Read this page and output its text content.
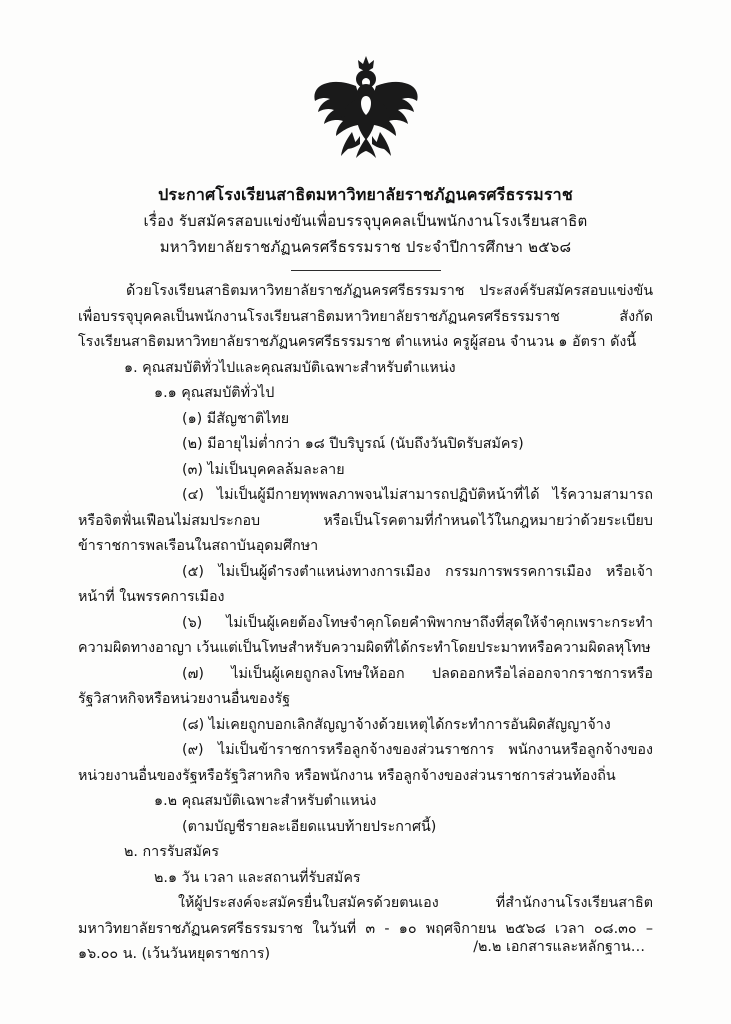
ประกาศโรงเรียนสาธิตมหาวิทยาลัยราชภัฏนครศรีธรรมราช
เรื่อง รับสมัครสอบแข่งขันเพื่อบรรจุบุคคลเป็นพนักงานโรงเรียนสาธิต
มหาวิทยาลัยราชภัฏนครศรีธรรมราช ประจำปีการศึกษา ๒๕๖๘

ด้วยโรงเรียนสาธิตมหาวิทยาลัยราชภัฏนครศรีธรรมราช ประสงค์รับสมัครสอบแข่งขันเพื่อบรรจุบุคคลเป็นพนักงานโรงเรียนสาธิตมหาวิทยาลัยราชภัฏนครศรีธรรมราช สังกัด โรงเรียนสาธิตมหาวิทยาลัยราชภัฏนครศรีธรรมราช ตำแหน่ง ครูผู้สอน จำนวน ๑ อัตรา ดังนี้

๑. คุณสมบัติทั่วไปและคุณสมบัติเฉพาะสำหรับตำแหน่ง

๑.๑ คุณสมบัติทั่วไป

(๑) มีสัญชาติไทย

(๒) มีอายุไม่ต่ำกว่า ๑๘ ปีบริบูรณ์ (นับถึงวันปิดรับสมัคร)

(๓) ไม่เป็นบุคคลล้มละลาย

(๔) ไม่เป็นผู้มีกายทุพพลภาพจนไม่สามารถปฏิบัติหน้าที่ได้ ไร้ความสามารถ หรือจิตฟั่นเฟือนไม่สมประกอบ หรือเป็นโรคตามที่กำหนดไว้ในกฎหมายว่าด้วยระเบียบข้าราชการพลเรือนในสถาบันอุดมศึกษา

(๕) ไม่เป็นผู้ดำรงตำแหน่งทางการเมือง กรรมการพรรคการเมือง หรือเจ้าหน้าที่ ในพรรคการเมือง

(๖) ไม่เป็นผู้เคยต้องโทษจำคุกโดยคำพิพากษาถึงที่สุดให้จำคุกเพราะกระทำความผิดทางอาญา เว้นแต่เป็นโทษสำหรับความผิดที่ได้กระทำโดยประมาทหรือความผิดลหุโทษ

(๗) ไม่เป็นผู้เคยถูกลงโทษให้ออก ปลดออกหรือไล่ออกจากราชการหรือรัฐวิสาหกิจหรือหน่วยงานอื่นของรัฐ

(๘) ไม่เคยถูกบอกเลิกสัญญาจ้างด้วยเหตุได้กระทำการอันผิดสัญญาจ้าง

(๙) ไม่เป็นข้าราชการหรือลูกจ้างของส่วนราชการ พนักงานหรือลูกจ้างของหน่วยงานอื่นของรัฐหรือรัฐวิสาหกิจ หรือพนักงาน หรือลูกจ้างของส่วนราชการส่วนท้องถิ่น

๑.๒ คุณสมบัติเฉพาะสำหรับตำแหน่ง

(ตามบัญชีรายละเอียดแนบท้ายประกาศนี้)

๒. การรับสมัคร

๒.๑ วัน เวลา และสถานที่รับสมัคร

ให้ผู้ประสงค์จะสมัครยื่นใบสมัครด้วยตนเอง ที่สำนักงานโรงเรียนสาธิตมหาวิทยาลัยราชภัฏนครศรีธรรมราช ในวันที่ ๓ - ๑๐ พฤศจิกายน ๒๕๖๘ เวลา ๐๘.๓๐ – ๑๖.๐๐ น. (เว้นวันหยุดราชการ)	/๒.๒ เอกสารและหลักฐาน…
